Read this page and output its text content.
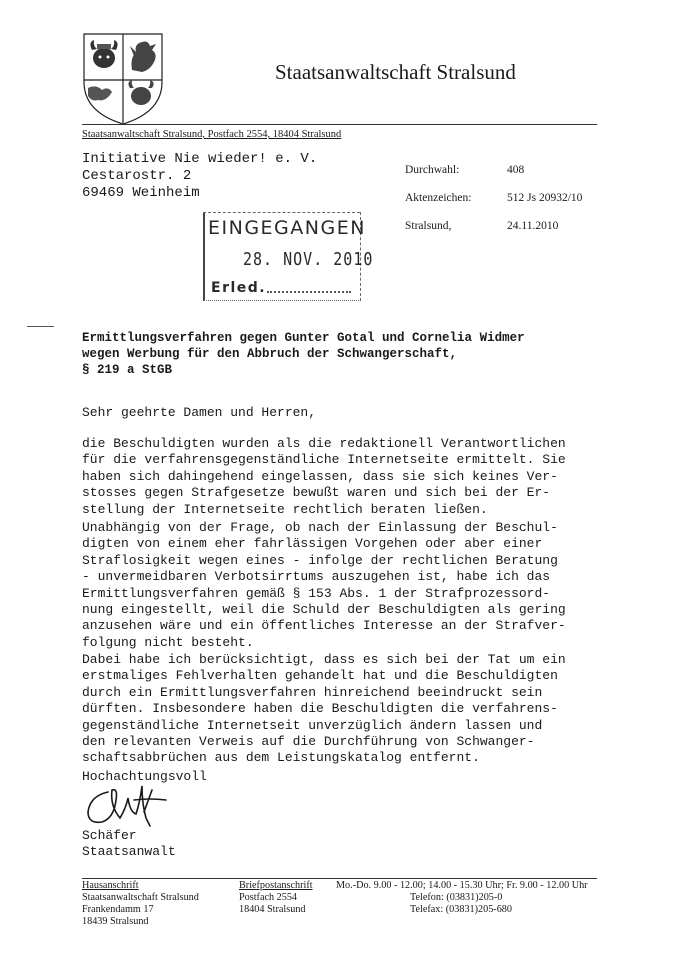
Staatsanwaltschaft Stralsund
Staatsanwaltschaft Stralsund, Postfach 2554, 18404 Stralsund
Initiative Nie wieder! e. V.
Cestarostr. 2
69469 Weinheim
Durchwahl:	408
Aktenzeichen:	512 Js 20932/10
Stralsund,	24.11.2010
EINGEGANGEN
28. NOV. 2010
Erled.
Ermittlungsverfahren gegen Gunter Gotal und Cornelia Widmer
wegen Werbung für den Abbruch der Schwangerschaft,
§ 219 a StGB
Sehr geehrte Damen und Herren,
die Beschuldigten wurden als die redaktionell Verantwortlichen
für die verfahrensgegenständliche Internetseite ermittelt. Sie
haben sich dahingehend eingelassen, dass sie sich keines Ver-
stosses gegen Strafgesetze bewußt waren und sich bei der Er-
stellung der Internetseite rechtlich beraten ließen.
Unabhängig von der Frage, ob nach der Einlassung der Beschul-
digten von einem eher fahrlässigen Vorgehen oder aber einer
Straflosigkeit wegen eines - infolge der rechtlichen Beratung
- unvermeidbaren Verbotsirrtums auszugehen ist, habe ich das
Ermittlungsverfahren gemäß § 153 Abs. 1 der Strafprozessord-
nung eingestellt, weil die Schuld der Beschuldigten als gering
anzusehen wäre und ein öffentliches Interesse an der Strafver-
folgung nicht besteht.
Dabei habe ich berücksichtigt, dass es sich bei der Tat um ein
erstmaliges Fehlverhalten gehandelt hat und die Beschuldigten
durch ein Ermittlungsverfahren hinreichend beeindruckt sein
dürften. Insbesondere haben die Beschuldigten die verfahrens-
gegenständliche Internetseit unverzüglich ändern lassen und
den relevanten Verweis auf die Durchführung von Schwanger-
schaftsabbrüchen aus dem Leistungskatalog entfernt.
Hochachtungsvoll
Schäfer
Staatsanwalt
Hausanschrift
Staatsanwaltschaft Stralsund
Frankendamm 17
18439 Stralsund
Briefpostanschrift
Postfach 2554
18404 Stralsund
Mo.-Do. 9.00 - 12.00; 14.00 - 15.30 Uhr; Fr. 9.00 - 12.00 Uhr
Telefon: (03831)205-0
Telefax: (03831)205-680
